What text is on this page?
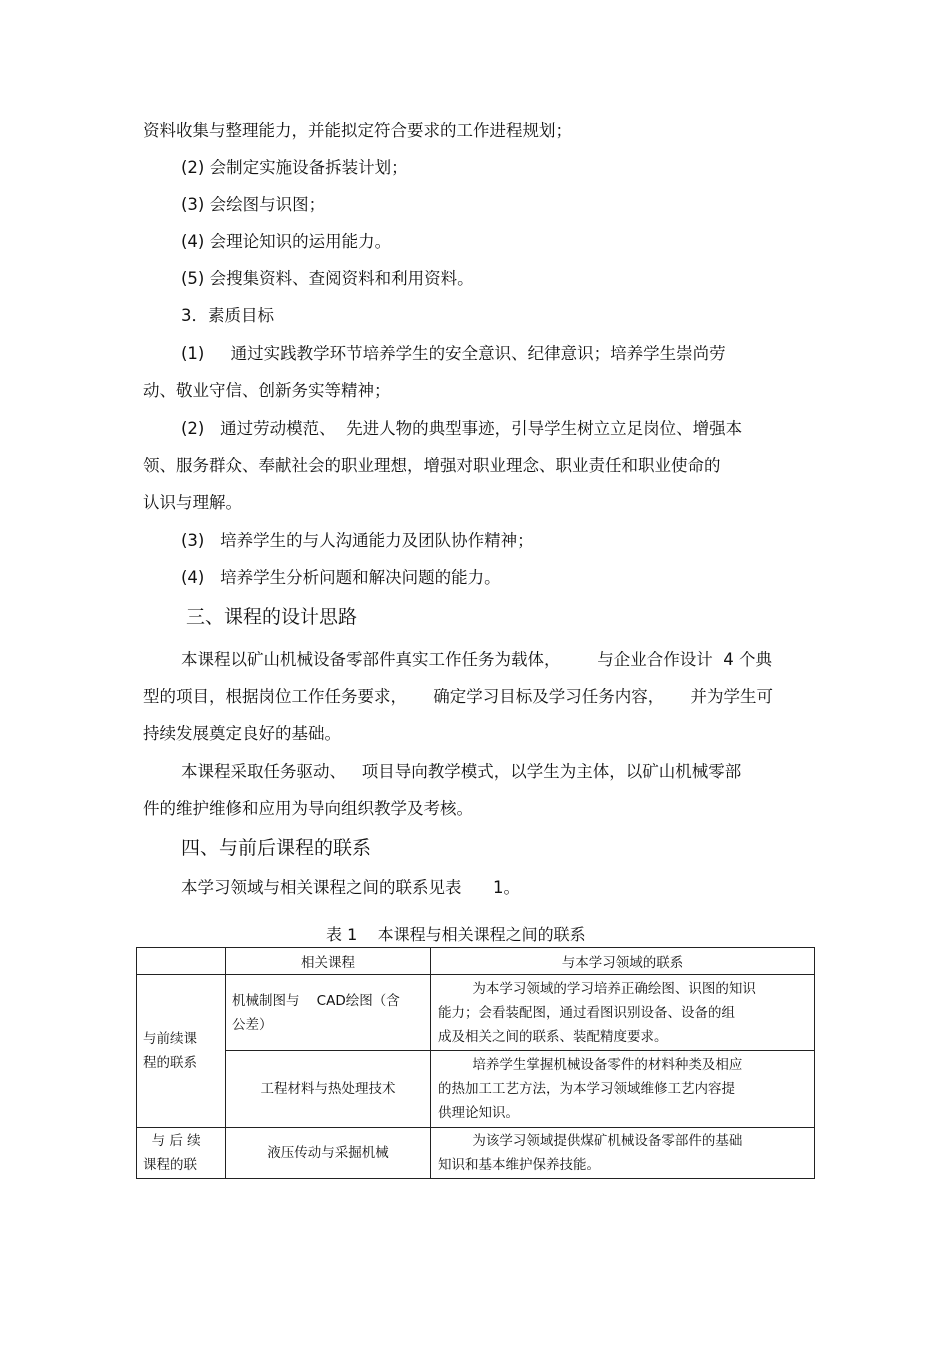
资料收集与整理能力，并能拟定符合要求的工作进程规划；
(2) 会制定实施设备拆装计划；
(3) 会绘图与识图；
(4) 会理论知识的运用能力。
(5) 会搜集资料、查阅资料和利用资料。
3．素质目标
(1)     通过实践教学环节培养学生的安全意识、纪律意识；培养学生崇尚劳
动、敬业守信、创新务实等精神；
(2)   通过劳动模范、  先进人物的典型事迹，引导学生树立立足岗位、增强本
领、服务群众、奉献社会的职业理想，增强对职业理念、职业责任和职业使命的
认识与理解。
(3)   培养学生的与人沟通能力及团队协作精神；
(4)   培养学生分析问题和解决问题的能力。
三、课程的设计思路
本课程以矿山机械设备零部件真实工作任务为载体，       与企业合作设计  4 个典
型的项目，根据岗位工作任务要求，     确定学习目标及学习任务内容，     并为学生可
持续发展奠定良好的基础。
本课程采取任务驱动、   项目导向教学模式，以学生为主体，以矿山机械零部
件的维护维修和应用为导向组织教学及考核。
四、与前后课程的联系
本学习领域与相关课程之间的联系见表      1。
表 1    本课程与相关课程之间的联系
	相关课程	与本学习领域的联系

与前续课
程的联系	机械制图与    CAD绘图（含
公差）	为本学习领域的学习培养正确绘图、识图的知识
能力；会看装配图，通过看图识别设备、设备的组
成及相关之间的联系、装配精度要求。

	工程材料与热处理技术	培养学生掌握机械设备零件的材料种类及相应
的热加工工艺方法，为本学习领域维修工艺内容提
供理论知识。

与 后 续
课程的联	液压传动与采掘机械	为该学习领域提供煤矿机械设备零部件的基础
知识和基本维护保养技能。
